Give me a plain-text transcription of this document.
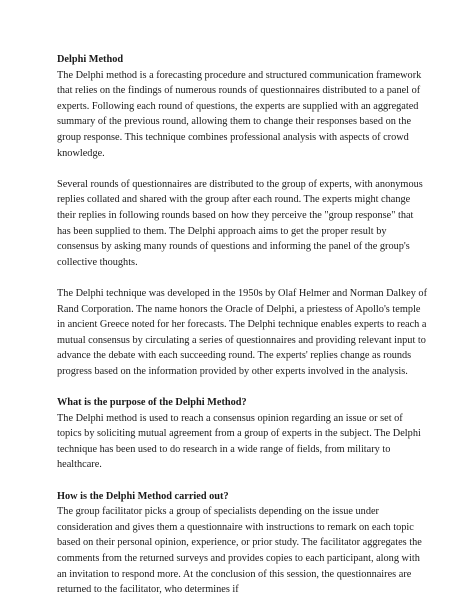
Delphi Method

The Delphi method is a forecasting procedure and structured communication framework that relies on the findings of numerous rounds of questionnaires distributed to a panel of experts. Following each round of questions, the experts are supplied with an aggregated summary of the previous round, allowing them to change their responses based on the group response. This technique combines professional analysis with aspects of crowd knowledge.

Several rounds of questionnaires are distributed to the group of experts, with anonymous replies collated and shared with the group after each round. The experts might change their replies in following rounds based on how they perceive the "group response" that has been supplied to them. The Delphi approach aims to get the proper result by consensus by asking many rounds of questions and informing the panel of the group's collective thoughts.

The Delphi technique was developed in the 1950s by Olaf Helmer and Norman Dalkey of Rand Corporation. The name honors the Oracle of Delphi, a priestess of Apollo's temple in ancient Greece noted for her forecasts. The Delphi technique enables experts to reach a mutual consensus by circulating a series of questionnaires and providing relevant input to advance the debate with each succeeding round. The experts' replies change as rounds progress based on the information provided by other experts involved in the analysis.

What is the purpose of the Delphi Method?

The Delphi method is used to reach a consensus opinion regarding an issue or set of topics by soliciting mutual agreement from a group of experts in the subject. The Delphi technique has been used to do research in a wide range of fields, from military to healthcare.

How is the Delphi Method carried out?

The group facilitator picks a group of specialists depending on the issue under consideration and gives them a questionnaire with instructions to remark on each topic based on their personal opinion, experience, or prior study. The facilitator aggregates the comments from the returned surveys and provides copies to each participant, along with an invitation to respond more. At the conclusion of this session, the questionnaires are returned to the facilitator, who determines if
